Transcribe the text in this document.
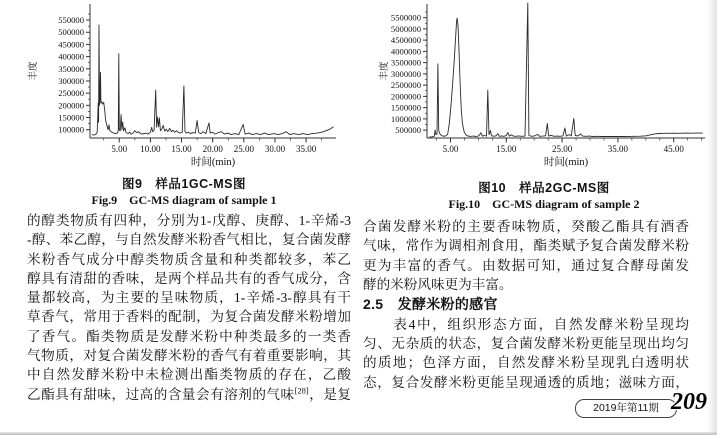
100000
150000
200000
250000
300000
350000
400000
450000
500000
550000
5.00 10.00 15.00 20.00 25.00 30.00 35.00
时间(min)
丰度
图9　样品1GC-MS图
Fig.9　GC-MS diagram of sample 1
500000
1000000
1500000
2000000
2500000
3000000
3500000
4000000
4500000
5000000
5500000
5.00	15.00	25.00	35.00	45.00
时间(min)
丰度
图10　样品2GC-MS图
Fig.10　GC-MS diagram of sample 2
的醇类物质有四种，分别为1-戊醇、庚醇、1-辛烯-3
-醇、苯乙醇，与自然发酵米粉香气相比，复合菌发酵
米粉香气成分中醇类物质含量和种类都较多，苯乙
醇具有清甜的香味，是两个样品共有的香气成分，含
量都较高，为主要的呈味物质，1-辛烯-3-醇具有干
草香气，常用于香料的配制，为复合菌发酵米粉增加
了香气。酯类物质是发酵米粉中种类最多的一类香
气物质，对复合菌发酵米粉的香气有着重要影响，其
中自然发酵米粉中未检测出酯类物质的存在，乙酸
乙酯具有甜味，过高的含量会有溶剂的气味[28]，是复
合菌发酵米粉的主要香味物质，癸酸乙酯具有酒香
气味，常作为调相剂食用，酯类赋予复合菌发酵米粉
更为丰富的香气。由数据可知，通过复合酵母菌发
酵的米粉风味更为丰富。
2.5　发酵米粉的感官
　　表4中，组织形态方面，自然发酵米粉呈现均
匀、无杂质的状态，复合菌发酵米粉更能呈现出均匀
的质地；色泽方面，自然发酵米粉呈现乳白透明状
态，复合发酵米粉更能呈现通透的质地；滋味方面，
2019年第11期 209
